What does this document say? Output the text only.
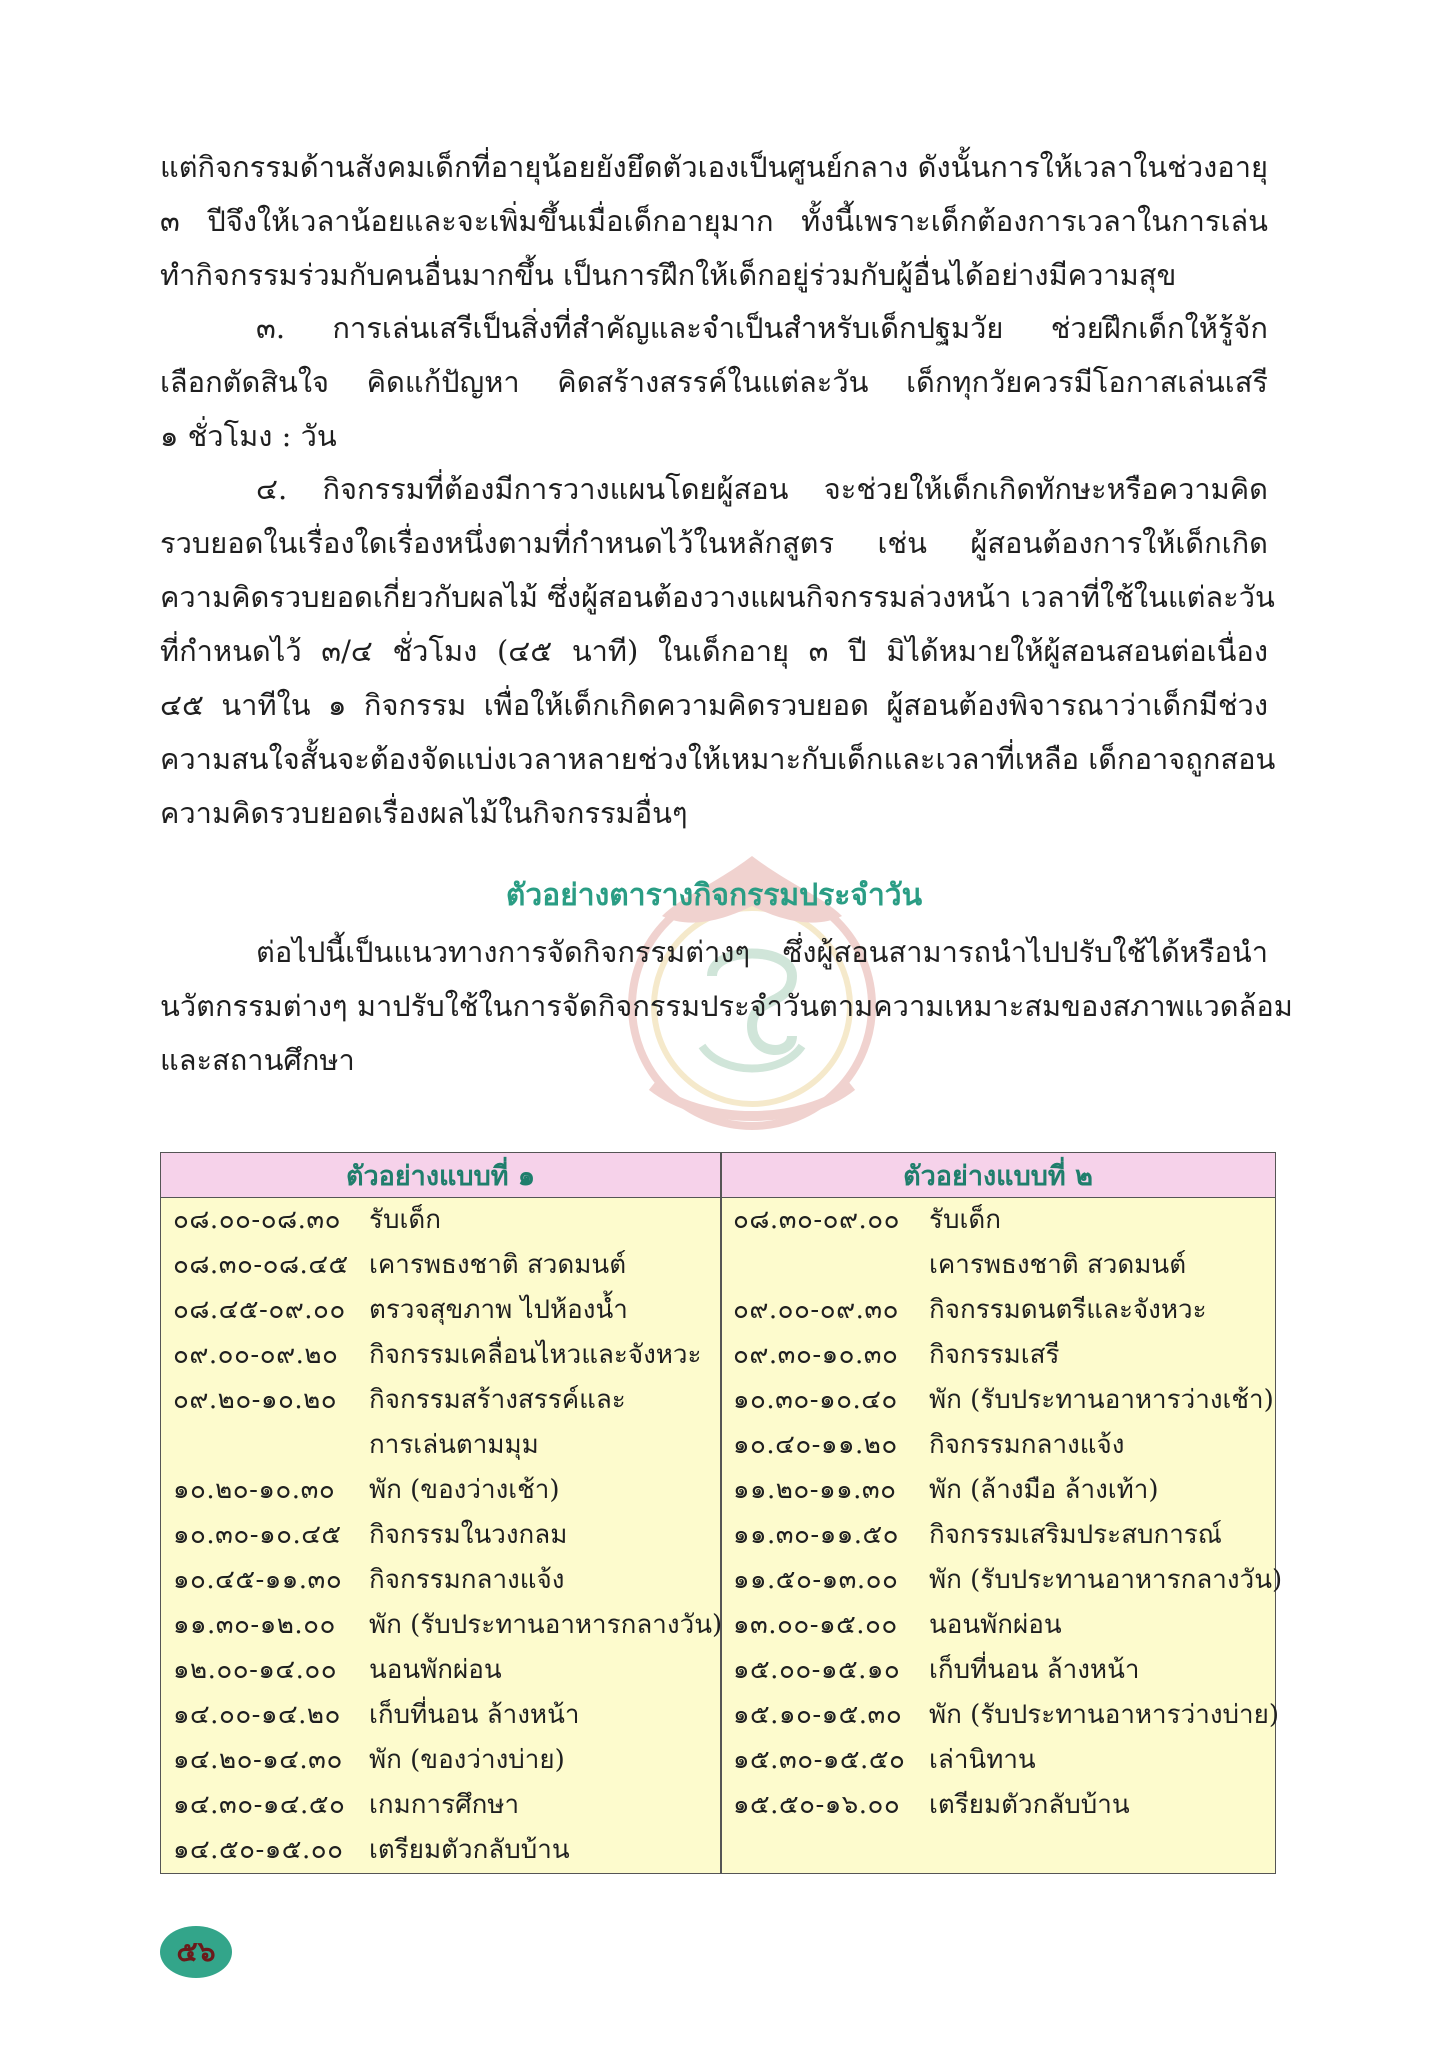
แต่กิจกรรมด้านสังคมเด็กที่อายุน้อยยังยึดตัวเองเป็นศูนย์กลาง ดังนั้นการให้เวลาในช่วงอายุ

๓ ปีจึงให้เวลาน้อยและจะเพิ่มขึ้นเมื่อเด็กอายุมาก ทั้งนี้เพราะเด็กต้องการเวลาในการเล่น

ทำกิจกรรมร่วมกับคนอื่นมากขึ้น เป็นการฝึกให้เด็กอยู่ร่วมกับผู้อื่นได้อย่างมีความสุข

๓. การเล่นเสรีเป็นสิ่งที่สำคัญและจำเป็นสำหรับเด็กปฐมวัย ช่วยฝึกเด็กให้รู้จัก

เลือกตัดสินใจ คิดแก้ปัญหา คิดสร้างสรรค์ในแต่ละวัน เด็กทุกวัยควรมีโอกาสเล่นเสรี

๑ ชั่วโมง : วัน

๔. กิจกรรมที่ต้องมีการวางแผนโดยผู้สอน จะช่วยให้เด็กเกิดทักษะหรือความคิด

รวบยอดในเรื่องใดเรื่องหนึ่งตามที่กำหนดไว้ในหลักสูตร เช่น ผู้สอนต้องการให้เด็กเกิด

ความคิดรวบยอดเกี่ยวกับผลไม้ ซึ่งผู้สอนต้องวางแผนกิจกรรมล่วงหน้า เวลาที่ใช้ในแต่ละวัน

ที่กำหนดไว้ ๓/๔ ชั่วโมง (๔๕ นาที) ในเด็กอายุ ๓ ปี มิได้หมายให้ผู้สอนสอนต่อเนื่อง

๔๕ นาทีใน ๑ กิจกรรม เพื่อให้เด็กเกิดความคิดรวบยอด ผู้สอนต้องพิจารณาว่าเด็กมีช่วง

ความสนใจสั้นจะต้องจัดแบ่งเวลาหลายช่วงให้เหมาะกับเด็กและเวลาที่เหลือ เด็กอาจถูกสอน

ความคิดรวบยอดเรื่องผลไม้ในกิจกรรมอื่นๆ

ตัวอย่างตารางกิจกรรมประจำวัน

ต่อไปนี้เป็นแนวทางการจัดกิจกรรมต่างๆ ซึ่งผู้สอนสามารถนำไปปรับใช้ได้หรือนำ

นวัตกรรมต่างๆ มาปรับใช้ในการจัดกิจกรรมประจำวันตามความเหมาะสมของสภาพแวดล้อม

และสถานศึกษา

ตัวอย่างแบบที่ ๑	ตัวอย่างแบบที่ ๒
๐๘.๐๐-๐๘.๓๐ รับเด็ก
๐๘.๓๐-๐๘.๔๕ เคารพธงชาติ สวดมนต์
๐๘.๔๕-๐๙.๐๐ ตรวจสุขภาพ ไปห้องน้ำ
๐๙.๐๐-๐๙.๒๐ กิจกรรมเคลื่อนไหวและจังหวะ
๐๙.๒๐-๑๐.๒๐ กิจกรรมสร้างสรรค์และ
การเล่นตามมุม
๑๐.๒๐-๑๐.๓๐ พัก (ของว่างเช้า)
๑๐.๓๐-๑๐.๔๕ กิจกรรมในวงกลม
๑๐.๔๕-๑๑.๓๐ กิจกรรมกลางแจ้ง
๑๑.๓๐-๑๒.๐๐ พัก (รับประทานอาหารกลางวัน)
๑๒.๐๐-๑๔.๐๐ นอนพักผ่อน
๑๔.๐๐-๑๔.๒๐ เก็บที่นอน ล้างหน้า
๑๔.๒๐-๑๔.๓๐ พัก (ของว่างบ่าย)
๑๔.๓๐-๑๔.๕๐ เกมการศึกษา
๑๔.๕๐-๑๕.๐๐ เตรียมตัวกลับบ้าน
๐๘.๓๐-๐๙.๐๐ รับเด็ก
เคารพธงชาติ สวดมนต์
๐๙.๐๐-๐๙.๓๐ กิจกรรมดนตรีและจังหวะ
๐๙.๓๐-๑๐.๓๐ กิจกรรมเสรี
๑๐.๓๐-๑๐.๔๐ พัก (รับประทานอาหารว่างเช้า)
๑๐.๔๐-๑๑.๒๐ กิจกรรมกลางแจ้ง
๑๑.๒๐-๑๑.๓๐ พัก (ล้างมือ ล้างเท้า)
๑๑.๓๐-๑๑.๕๐ กิจกรรมเสริมประสบการณ์
๑๑.๕๐-๑๓.๐๐ พัก (รับประทานอาหารกลางวัน)
๑๓.๐๐-๑๕.๐๐ นอนพักผ่อน
๑๕.๐๐-๑๕.๑๐ เก็บที่นอน ล้างหน้า
๑๕.๑๐-๑๕.๓๐ พัก (รับประทานอาหารว่างบ่าย)
๑๕.๓๐-๑๕.๕๐ เล่านิทาน
๑๕.๕๐-๑๖.๐๐ เตรียมตัวกลับบ้าน
๕๖
